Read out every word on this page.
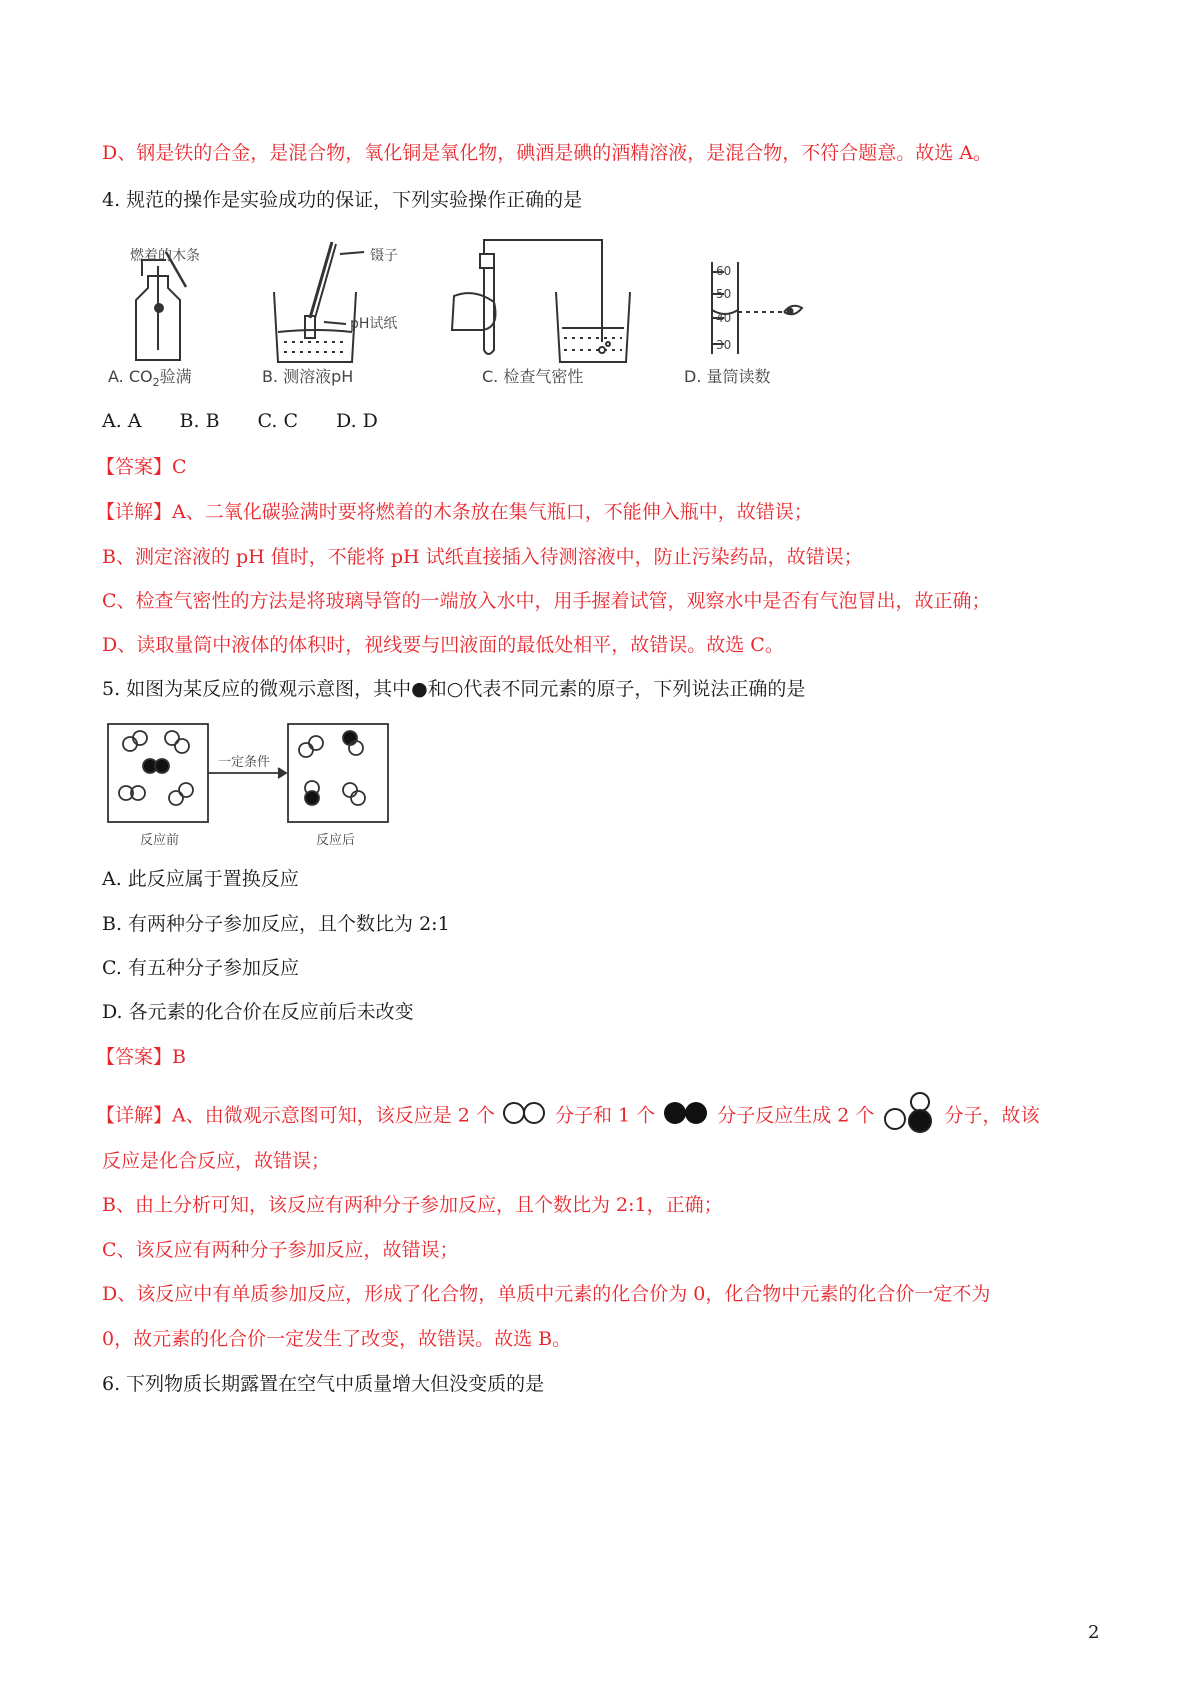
D、钢是铁的合金，是混合物，氧化铜是氧化物，碘酒是碘的酒精溶液，是混合物，不符合题意。故选 A。
4. 规范的操作是实验成功的保证，下列实验操作正确的是
燃着的木条	镊子
pH试纸
60
50
40
30
A. $CO_2$验满	B. 测溶液pH	C. 检查气密性	D. 量筒读数
A. A B. B C. C D. D
【答案】C
【详解】A、二氧化碳验满时要将燃着的木条放在集气瓶口，不能伸入瓶中，故错误；
B、测定溶液的 pH 值时，不能将 pH 试纸直接插入待测溶液中，防止污染药品，故错误；
C、检查气密性的方法是将玻璃导管的一端放入水中，用手握着试管，观察水中是否有气泡冒出，故正确；
D、读取量筒中液体的体积时，视线要与凹液面的最低处相平，故错误。故选 C。
5. 如图为某反应的微观示意图，其中●和○代表不同元素的原子，下列说法正确的是
一定条件
反应前	反应后
A. 此反应属于置换反应
B. 有两种分子参加反应，且个数比为 2:1
C. 有五种分子参加反应
D. 各元素的化合价在反应前后未改变
【答案】B
【详解】A、由微观示意图可知，该反应是 2 个	分子和 1 个	分子反应生成 2 个	分子，故该
反应是化合反应，故错误；
B、由上分析可知，该反应有两种分子参加反应，且个数比为 2:1，正确；
C、该反应有两种分子参加反应，故错误；
D、该反应中有单质参加反应，形成了化合物，单质中元素的化合价为 0，化合物中元素的化合价一定不为
0，故元素的化合价一定发生了改变，故错误。故选 B。
6. 下列物质长期露置在空气中质量增大但没变质的是
2
